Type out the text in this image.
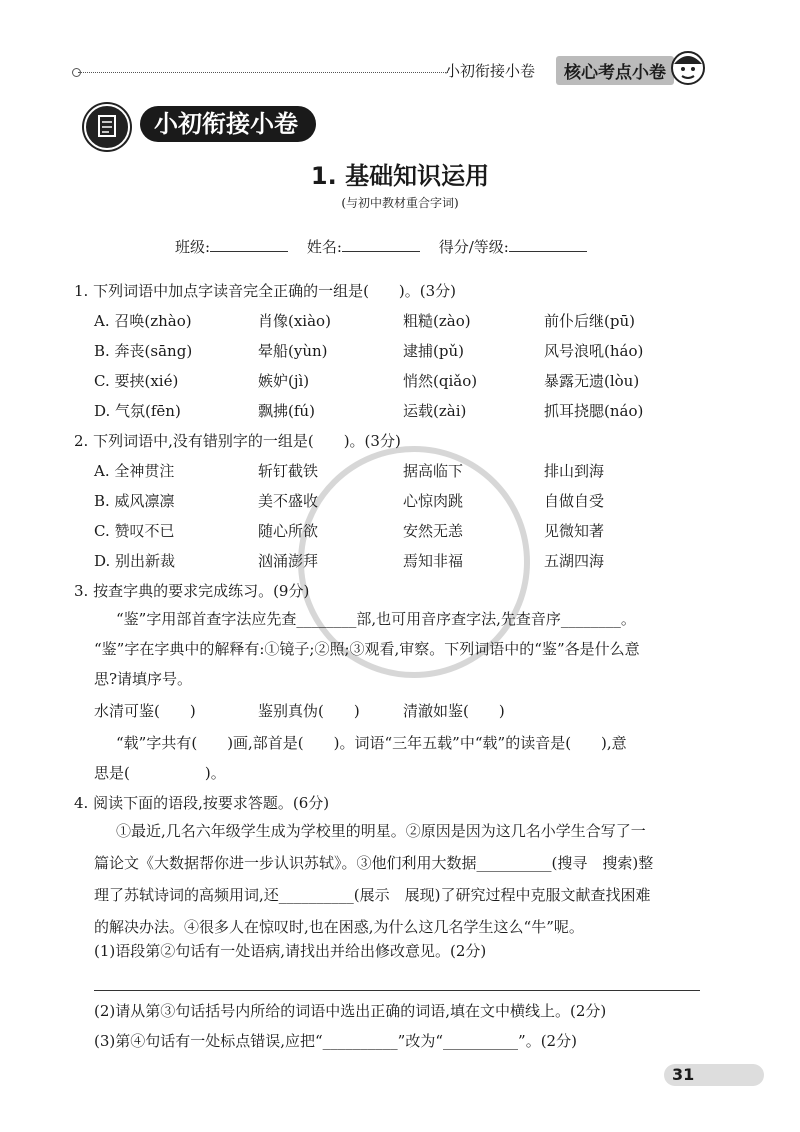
小初衔接小卷	核心考点小卷
小初衔接小卷
1. 基础知识运用
(与初中教材重合字词)
班级:	姓名:	得分/等级:
1. 下列词语中加点字读音完全正确的一组是(　　)。(3分)
A. 召唤(zhào)	肖像(xiào)	粗糙(zào)	前仆后继(pū)
B. 奔丧(sāng)	晕船(yùn)	逮捕(pǔ)	风号浪吼(háo)
C. 要挟(xié)	嫉妒(jì)	悄然(qiǎo)	暴露无遗(lòu)
D. 气氛(fēn)	飘拂(fú)	运载(zài)	抓耳挠腮(náo)
2. 下列词语中,没有错别字的一组是(　　)。(3分)
A. 全神贯注	斩钉截铁	据高临下	排山到海
B. 威风凛凛	美不盛收	心惊肉跳	自做自受
C. 赞叹不已	随心所欲	安然无恙	见微知著
D. 别出新裁	汹涌澎拜	焉知非福	五湖四海
3. 按查字典的要求完成练习。(9分)
“鉴”字用部首查字法应先查________部,也可用音序查字法,先查音序________。
“鉴”字在字典中的解释有:①镜子;②照;③观看,审察。下列词语中的“鉴”各是什么意
思?请填序号。
水清可鉴(　　)	鉴别真伪(　　)	清澈如鉴(　　)
“载”字共有(　　)画,部首是(　　)。词语“三年五载”中“载”的读音是(　　),意
思是(　　　　　)。
4. 阅读下面的语段,按要求答题。(6分)
①最近,几名六年级学生成为学校里的明星。②原因是因为这几名小学生合写了一
篇论文《大数据帮你进一步认识苏轼》。③他们利用大数据__________(搜寻　搜索)整
理了苏轼诗词的高频用词,还__________(展示　展现)了研究过程中克服文献查找困难
的解决办法。④很多人在惊叹时,也在困惑,为什么这几名学生这么“牛”呢。
(1)语段第②句话有一处语病,请找出并给出修改意见。(2分)
(2)请从第③句话括号内所给的词语中选出正确的词语,填在文中横线上。(2分)
(3)第④句话有一处标点错误,应把“__________”改为“__________”。(2分)
31
